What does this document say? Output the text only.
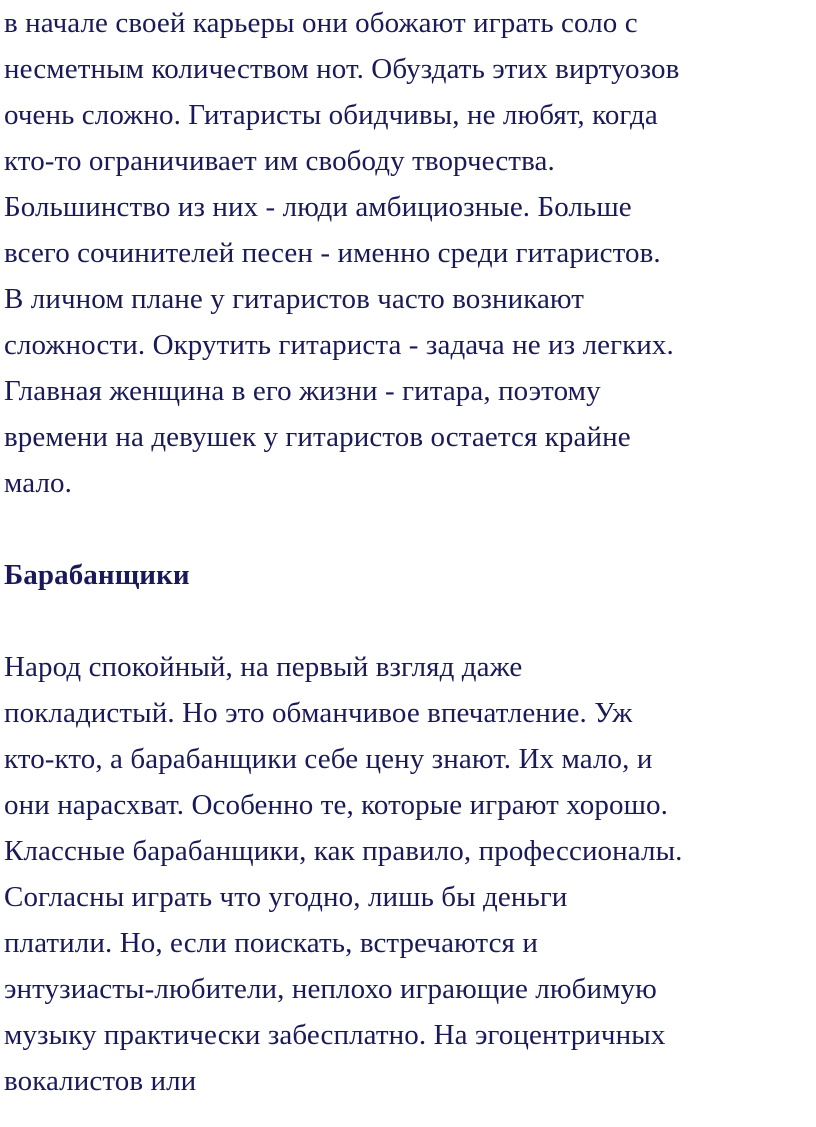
в начале своей карьеры они обожают играть соло с
несметным количеством нот. Обуздать этих виртуозов
очень сложно. Гитаристы обидчивы, не любят, когда
кто-то ограничивает им свободу творчества.
Большинство из них - люди амбициозные. Больше
всего сочинителей песен - именно среди гитаристов.
В личном плане у гитаристов часто возникают
сложности. Окрутить гитариста - задача не из легких.
Главная женщина в его жизни - гитара, поэтому
времени на девушек у гитаристов остается крайне
мало.
Барабанщики
Народ спокойный, на первый взгляд даже
покладистый. Но это обманчивое впечатление. Уж
кто-кто, а барабанщики себе цену знают. Их мало, и
они нарасхват. Особенно те, которые играют хорошо.
Классные барабанщики, как правило, профессионалы.
Согласны играть что угодно, лишь бы деньги
платили. Но, если поискать, встречаются и
энтузиасты-любители, неплохо играющие любимую
музыку практически забесплатно. На эгоцентричных
вокалистов или
